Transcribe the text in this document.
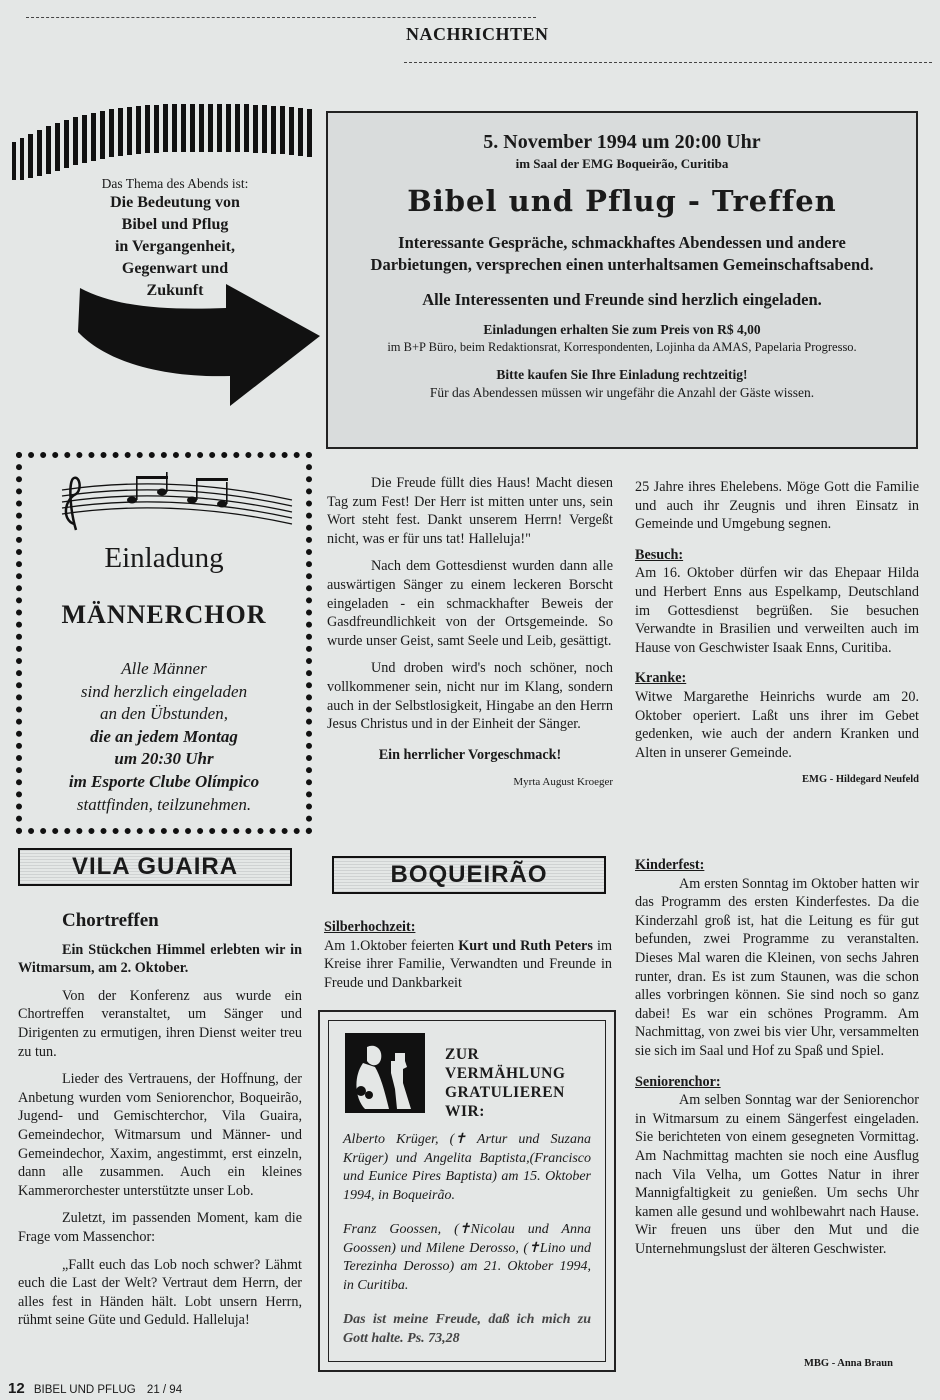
NACHRICHTEN
Das Thema des Abends ist:
Die Bedeutung von
Bibel und Pflug
in Vergangenheit,
Gegenwart und
Zukunft
5. November 1994 um 20:00 Uhr
im Saal der EMG Boqueirão, Curitiba
Bibel und Pflug - Treffen
Interessante Gespräche, schmackhaftes Abendessen und andere Darbietungen, versprechen einen unterhaltsamen Gemeinschaftsabend.
Alle Interessenten und Freunde sind herzlich eingeladen.
Einladungen erhalten Sie zum Preis von R$ 4,00
im B+P Büro, beim Redaktionsrat, Korrespondenten, Lojinha da AMAS, Papelaria Progresso.
Bitte kaufen Sie Ihre Einladung rechtzeitig!
Für das Abendessen müssen wir ungefähr die Anzahl der Gäste wissen.
Einladung
MÄNNERCHOR
Alle Männer
sind herzlich eingeladen
an den Übstunden,
die an jedem Montag
um 20:30 Uhr
im Esporte Clube Olímpico
stattfinden, teilzunehmen.
VILA GUAIRA
Chortreffen

Ein Stückchen Himmel erlebten wir in Witmarsum, am 2. Oktober.

Von der Konferenz aus wurde ein Chortreffen veranstaltet, um Sänger und Dirigenten zu ermutigen, ihren Dienst weiter treu zu tun.

Lieder des Vertrauens, der Hoffnung, der Anbetung wurden vom Seniorenchor, Boqueirão, Jugend- und Gemischterchor, Vila Guaira, Gemeindechor, Witmarsum und Männer- und Gemeindechor, Xaxim, angestimmt, erst einzeln, dann alle zusammen. Auch ein kleines Kammerorchester unterstützte unser Lob.

Zuletzt, im passenden Moment, kam die Frage vom Massenchor:

„Fallt euch das Lob noch schwer? Lähmt euch die Last der Welt? Vertraut dem Herrn, der alles fest in Händen hält. Lobt unsern Herrn, rühmt seine Güte und Geduld. Halleluja!

Die Freude füllt dies Haus! Macht diesen Tag zum Fest! Der Herr ist mitten unter uns, sein Wort steht fest. Dankt unserem Herrn! Vergeßt nicht, was er für uns tat! Halleluja!"

Nach dem Gottesdienst wurden dann alle auswärtigen Sänger zu einem leckeren Borscht eingeladen - ein schmackhafter Beweis der Gasdfreundlichkeit von der Ortsgemeinde. So wurde unser Geist, samt Seele und Leib, gesättigt.

Und droben wird's noch schöner, noch vollkommener sein, nicht nur im Klang, sondern auch in der Selbstlosigkeit, Hingabe an den Herrn Jesus Christus und in der Einheit der Sänger.

Ein herrlicher Vorgeschmack!

Myrta August Kroeger

BOQUEIRÃO
Silberhochzeit:

Am 1.Oktober feierten Kurt und Ruth Peters im Kreise ihrer Familie, Verwandten und Freunde in Freude und Dankbarkeit

ZUR
VERMÄHLUNG
GRATULIEREN
WIR:
Alberto Krüger, (✝ Artur und Suzana Krüger) und Angelita Baptista,(Francisco und Eunice Pires Baptista) am 15. Oktober 1994, in Boqueirão.
Franz Goossen, (✝Nicolau und Anna Goossen) und Milene Derosso, (✝Lino und Terezinha Derosso) am 21. Oktober 1994, in Curitiba.
Das ist meine Freude, daß ich mich zu Gott halte. Ps. 73,28

25 Jahre ihres Ehelebens. Möge Gott die Familie und auch ihr Zeugnis und ihren Einsatz in Gemeinde und Umgebung segnen.

Besuch:

Am 16. Oktober dürfen wir das Ehepaar Hilda und Herbert Enns aus Espelkamp, Deutschland im Gottesdienst begrüßen. Sie besuchen Verwandte in Brasilien und verweilten auch im Hause von Geschwister Isaak Enns, Curitiba.

Kranke:

Witwe Margarethe Heinrichs wurde am 20. Oktober operiert. Laßt uns ihrer im Gebet gedenken, wie auch der andern Kranken und Alten in unserer Gemeinde.

EMG - Hildegard Neufeld
Kinderfest:

Am ersten Sonntag im Oktober hatten wir das Programm des ersten Kinderfestes. Da die Kinderzahl groß ist, hat die Leitung es für gut befunden, zwei Programme zu veranstalten. Dieses Mal waren die Kleinen, von sechs Jahren runter, dran. Es ist zum Staunen, was die schon alles vorbringen können. Sie sind noch so ganz dabei! Es war ein schönes Programm. Am Nachmittag, von zwei bis vier Uhr, versammelten sie sich im Saal und Hof zu Spaß und Spiel.

Seniorenchor:

Am selben Sonntag war der Seniorenchor in Witmarsum zu einem Sängerfest eingeladen. Sie berichteten von einem gesegneten Vormittag. Am Nachmittag machten sie noch eine Ausflug nach Vila Velha, um Gottes Natur in ihrer Mannigfaltigkeit zu genießen. Um sechs Uhr kamen alle gesund und wohlbewahrt nach Hause. Wir freuen uns über den Mut und die Unternehmungslust der älteren Geschwister.

MBG - Anna Braun
12 BIBEL UND PFLUG 21 / 94
